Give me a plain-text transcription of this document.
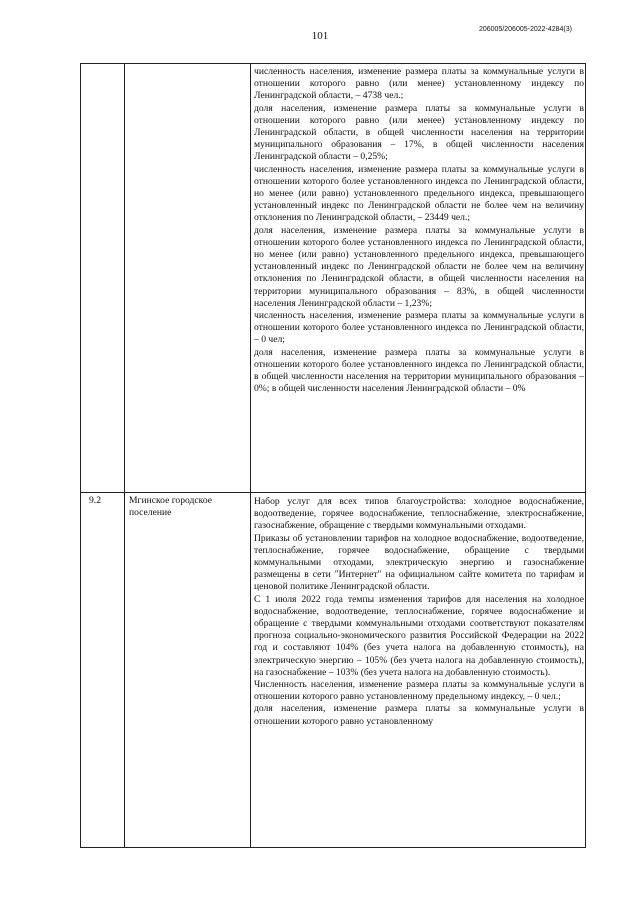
101
206005/206005-2022-4284(3)
численность населения, изменение размера платы за коммунальные услуги в отношении которого равно (или менее) установленному индексу по Ленинградской области, – 4738 чел.;
доля населения, изменение размера платы за коммунальные услуги в отношении которого равно (или менее) установленному индексу по Ленинградской области, в общей численности населения на территории муниципального образования – 17%, в общей численности населения Ленинградской области – 0,25%;
численность населения, изменение размера платы за коммунальные услуги в отношении которого более установленного индекса по Ленинградской области, но менее (или равно) установленного предельного индекса, превышающего установленный индекс по Ленинградской области не более чем на величину отклонения по Ленинградской области, – 23449 чел.;
доля населения, изменение размера платы за коммунальные услуги в отношении которого более установленного индекса по Ленинградской области, но менее (или равно) установленного предельного индекса, превышающего установленный индекс по Ленинградской области не более чем на величину отклонения по Ленинградской области, в общей численности населения на территории муниципального образования – 83%, в общей численности населения Ленинградской области – 1,23%;
численность населения, изменение размера платы за коммунальные услуги в отношении которого более установленного индекса по Ленинградской области, – 0 чел;
доля населения, изменение размера платы за коммунальные услуги в отношении которого более установленного индекса по Ленинградской области, в общей численности населения на территории муниципального образования – 0%; в общей численности населения Ленинградской области – 0%
9.2	Мгинское городское поселение
Набор услуг для всех типов благоустройства: холодное водоснабжение, водоотведение, горячее водоснабжение, теплоснабжение, электроснабжение, газоснабжение, обращение с твердыми коммунальными отходами.
Приказы об установлении тарифов на холодное водоснабжение, водоотведение, теплоснабжение, горячее водоснабжение, обращение с твердыми коммунальными отходами, электрическую энергию и газоснабжение размещены в сети "Интернет" на официальном сайте комитета по тарифам и ценовой политике Ленинградской области.
С 1 июля 2022 года темпы изменения тарифов для населения на холодное водоснабжение, водоотведение, теплоснабжение, горячее водоснабжение и обращение с твердыми коммунальными отходами соответствуют показателям прогноза социально-экономического развития Российской Федерации на 2022 год и составляют 104% (без учета налога на добавленную стоимость), на электрическую энергию – 105% (без учета налога на добавленную стоимость), на газоснабжение – 103% (без учета налога на добавленную стоимость).
Численность населения, изменение размера платы за коммунальные услуги в отношении которого равно установленному предельному индексу, – 0 чел.;
доля населения, изменение размера платы за коммунальные услуги в отношении которого равно установленному
